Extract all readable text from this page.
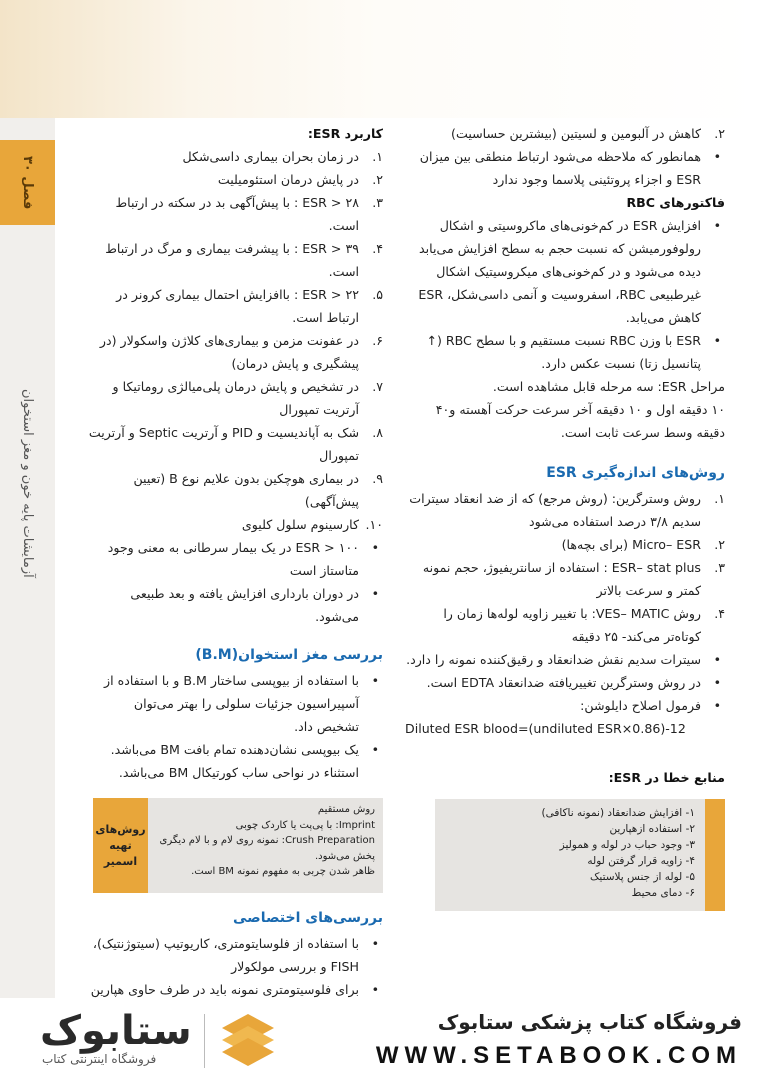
آزمایشات پایه خون و مغز استخوان
فصل ۳۰
۲.
کاهش در آلبومین و لسیتین (بیشترین حساسیت)
•
همانطور که ملاحظه می‌شود ارتباط منطقی بین میزان ESR و اجزاء پروتئینی پلاسما وجود ندارد
فاکتورهای RBC
•
افزایش ESR در کم‌خونی‌های ماکروسیتی و اشکال رولوفورمیشن که نسبت حجم به سطح افزایش می‌یابد دیده می‌شود و در کم‌خونی‌های میکروسیتیک اشکال غیرطبیعی RBC، اسفروسیت و آنمی داسی‌شکل، ESR کاهش می‌یابد.
•
ESR با وزن RBC نسبت مستقیم و با سطح RBC (↑ پتانسیل زتا) نسبت عکس دارد.

مراحل ESR: سه مرحله قابل مشاهده است.

۱۰ دقیقه اول و ۱۰ دقیقه آخر سرعت حرکت آهسته و۴۰ دقیقه وسط سرعت ثابت است.

روش‌های اندازه‌گیری ESR
۱.
روش وسترگرین: (روش مرجع) که از ضد انعقاد سیترات سدیم ۳/۸ درصد استفاده می‌شود
۲.
Micro– ESR (برای بچه‌ها)
۳.
ESR– stat plus : استفاده از سانتریفیوژ، حجم نمونه کمتر و سرعت بالاتر
۴.
روش VES– MATIC: با تغییر زاویه لوله‌ها زمان را کوتاه‌تر می‌کند- ۲۵ دقیقه
•
سیترات سدیم نقش ضدانعقاد و رقیق‌کننده نمونه را دارد.
•
در روش وسترگرین تغییریافته ضدانعقاد EDTA است.
•
فرمول اصلاح دایلوشن:

Diluted ESR blood=(undiluted ESR×0.86)-12

منابع خطا در ESR:
۱- افزایش ضدانعقاد (نمونه ناکافی)
۲- استفاده ازهپارین
۳- وجود حباب در لوله و همولیز
۴- زاویه قرار گرفتن لوله
۵- لوله از جنس پلاستیک
۶- دمای محیط
کاربرد ESR:
۱.
در زمان بحران بیماری داسی‌شکل
۲.
در پایش درمان استئومیلیت
۳.
ESR > ۲۸ : با پیش‌آگهی بد در سکته در ارتباط است.
۴.
ESR > ۳۹ : با پیشرفت بیماری و مرگ در ارتباط است.
۵.
ESR > ۲۲ : باافزایش احتمال بیماری کرونر در ارتباط است.
۶.
در عفونت مزمن و بیماری‌های کلاژن واسکولار (در پیشگیری و پایش درمان)
۷.
در تشخیص و پایش درمان پلی‌میالژی روماتیکا و آرتریت تمپورال
۸.
شک به آپاندیسیت و PID و آرتریت Septic و آرتریت تمپورال
۹.
در بیماری هوچکین بدون علایم نوع B (تعیین پیش‌آگهی)
۱۰.
کارسینوم سلول کلیوی
•
ESR > ۱۰۰ در یک بیمار سرطانی به معنی وجود متاستاز است
•
در دوران بارداری افزایش یافته و بعد طبیعی می‌شود.
بررسی مغز استخوان(B.M)
•
با استفاده از بیوپسی ساختار B.M و با استفاده از آسپیراسیون جزئیات سلولی را بهتر می‌توان تشخیص داد.
•
یک بیوپسی نشان‌دهنده تمام بافت BM می‌باشد. استثناء در نواحی ساب کورتیکال BM می‌باشد.
روش مستقیم
Imprint: با پی‌پت یا کاردک چوبی
Crush Preparation: نمونه روی لام و با لام دیگری پخش می‌شود.
ظاهر شدن چربی به مفهوم نمونه BM است.
روش‌های تهیه اسمیر
بررسی‌های اختصاصی
•
با استفاده از فلوسایتومتری، کاریوتیپ (سیتوژنتیک)، FISH و بررسی مولکولار
•
برای فلوسیتومتری نمونه باید در طرف حاوی هپارین
ستابوک
فروشگاه اینترنتی کتاب
فروشگاه کتاب پزشکی ستابوک
WWW.SETABOOK.COM
